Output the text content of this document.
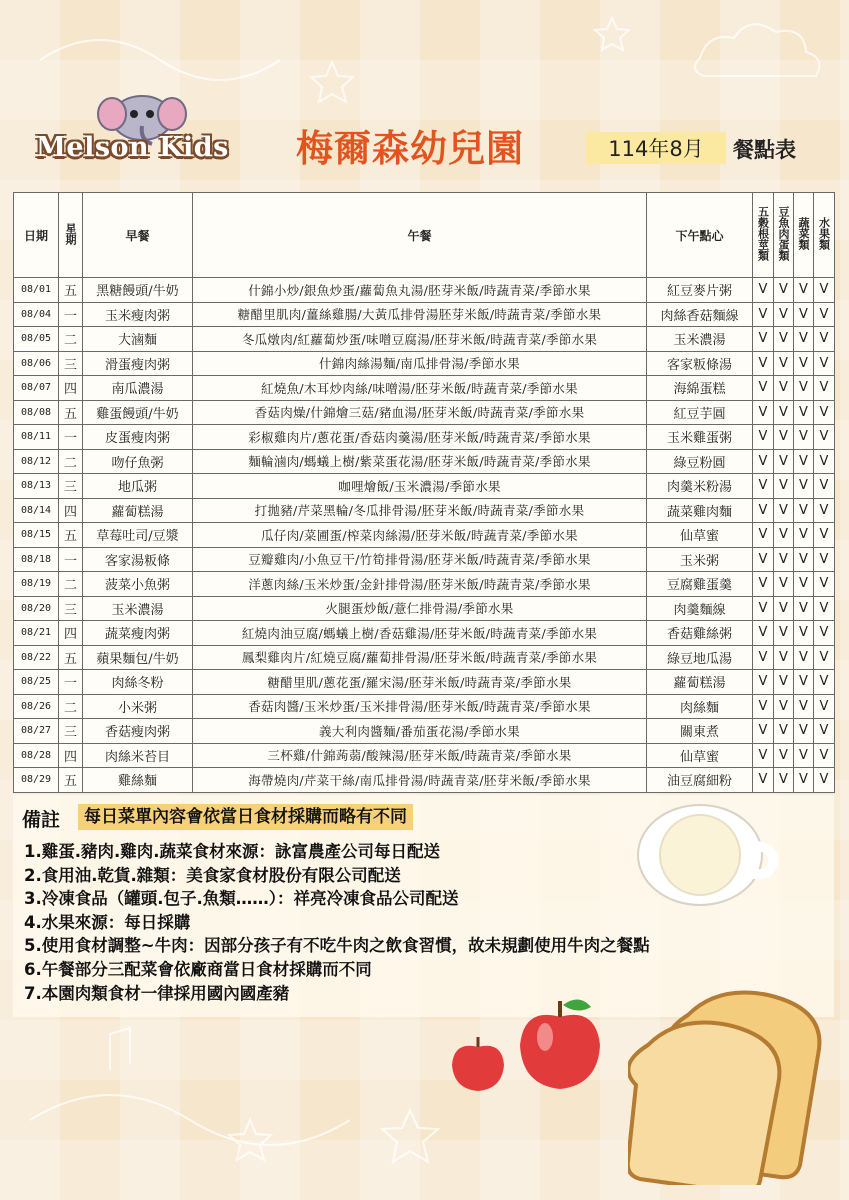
Melson Kids 梅爾森幼兒園	114年8月	餐點表
日期	星期	早餐	午餐	下午點心	五穀根莖類	豆魚肉蛋類	蔬菜類	水果類
08/01	五	黑糖饅頭/牛奶	什錦小炒/銀魚炒蛋/蘿蔔魚丸湯/胚芽米飯/時蔬青菜/季節水果	紅豆麥片粥	V	V	V	V
08/04	一	玉米瘦肉粥	糖醋里肌肉/薑絲雞腸/大黃瓜排骨湯胚芽米飯/時蔬青菜/季節水果	肉絲香菇麵線	V	V	V	V
08/05	二	大滷麵	冬瓜燉肉/紅蘿蔔炒蛋/味噌豆腐湯/胚芽米飯/時蔬青菜/季節水果	玉米濃湯	V	V	V	V
08/06	三	滑蛋瘦肉粥	什錦肉絲湯麵/南瓜排骨湯/季節水果	客家粄條湯	V	V	V	V
08/07	四	南瓜濃湯	紅燒魚/木耳炒肉絲/味噌湯/胚芽米飯/時蔬青菜/季節水果	海綿蛋糕	V	V	V	V
08/08	五	雞蛋饅頭/牛奶	香菇肉燥/什錦燴三菇/豬血湯/胚芽米飯/時蔬青菜/季節水果	紅豆芋圓	V	V	V	V
08/11	一	皮蛋瘦肉粥	彩椒雞肉片/蔥花蛋/香菇肉羹湯/胚芽米飯/時蔬青菜/季節水果	玉米雞蛋粥	V	V	V	V
08/12	二	吻仔魚粥	麵輪滷肉/螞蟻上樹/紫菜蛋花湯/胚芽米飯/時蔬青菜/季節水果	綠豆粉圓	V	V	V	V
08/13	三	地瓜粥	咖哩燴飯/玉米濃湯/季節水果	肉羹米粉湯	V	V	V	V
08/14	四	蘿蔔糕湯	打拋豬/芹菜黑輪/冬瓜排骨湯/胚芽米飯/時蔬青菜/季節水果	蔬菜雞肉麵	V	V	V	V
08/15	五	草莓吐司/豆漿	瓜仔肉/菜圃蛋/榨菜肉絲湯/胚芽米飯/時蔬青菜/季節水果	仙草蜜	V	V	V	V
08/18	一	客家湯粄條	豆瓣雞肉/小魚豆干/竹筍排骨湯/胚芽米飯/時蔬青菜/季節水果	玉米粥	V	V	V	V
08/19	二	菠菜小魚粥	洋蔥肉絲/玉米炒蛋/金針排骨湯/胚芽米飯/時蔬青菜/季節水果	豆腐雞蛋羹	V	V	V	V
08/20	三	玉米濃湯	火腿蛋炒飯/薏仁排骨湯/季節水果	肉羹麵線	V	V	V	V
08/21	四	蔬菜瘦肉粥	紅燒肉油豆腐/螞蟻上樹/香菇雞湯/胚芽米飯/時蔬青菜/季節水果	香菇雞絲粥	V	V	V	V
08/22	五	蘋果麵包/牛奶	鳳梨雞肉片/紅燒豆腐/蘿蔔排骨湯/胚芽米飯/時蔬青菜/季節水果	綠豆地瓜湯	V	V	V	V
08/25	一	肉絲冬粉	糖醋里肌/蔥花蛋/羅宋湯/胚芽米飯/時蔬青菜/季節水果	蘿蔔糕湯	V	V	V	V
08/26	二	小米粥	香菇肉醬/玉米炒蛋/玉米排骨湯/胚芽米飯/時蔬青菜/季節水果	肉絲麵	V	V	V	V
08/27	三	香菇瘦肉粥	義大利肉醬麵/番茄蛋花湯/季節水果	關東煮	V	V	V	V
08/28	四	肉絲米苔目	三杯雞/什錦蒟蒻/酸辣湯/胚芽米飯/時蔬青菜/季節水果	仙草蜜	V	V	V	V
08/29	五	雞絲麵	海帶燒肉/芹菜干絲/南瓜排骨湯/時蔬青菜/胚芽米飯/季節水果	油豆腐細粉	V	V	V	V
備註	每日菜單內容會依當日食材採購而略有不同
1.雞蛋.豬肉.雞肉.蔬菜食材來源：詠富農產公司每日配送
2.食用油.乾貨.雜類：美食家食材股份有限公司配送
3.冷凍食品（罐頭.包子.魚類……）：祥亮冷凍食品公司配送
4.水果來源：每日採購
5.使用食材調整~牛肉：因部分孩子有不吃牛肉之飲食習慣，故未規劃使用牛肉之餐點
6.午餐部分三配菜會依廠商當日食材採購而不同
7.本園肉類食材一律採用國內國產豬
